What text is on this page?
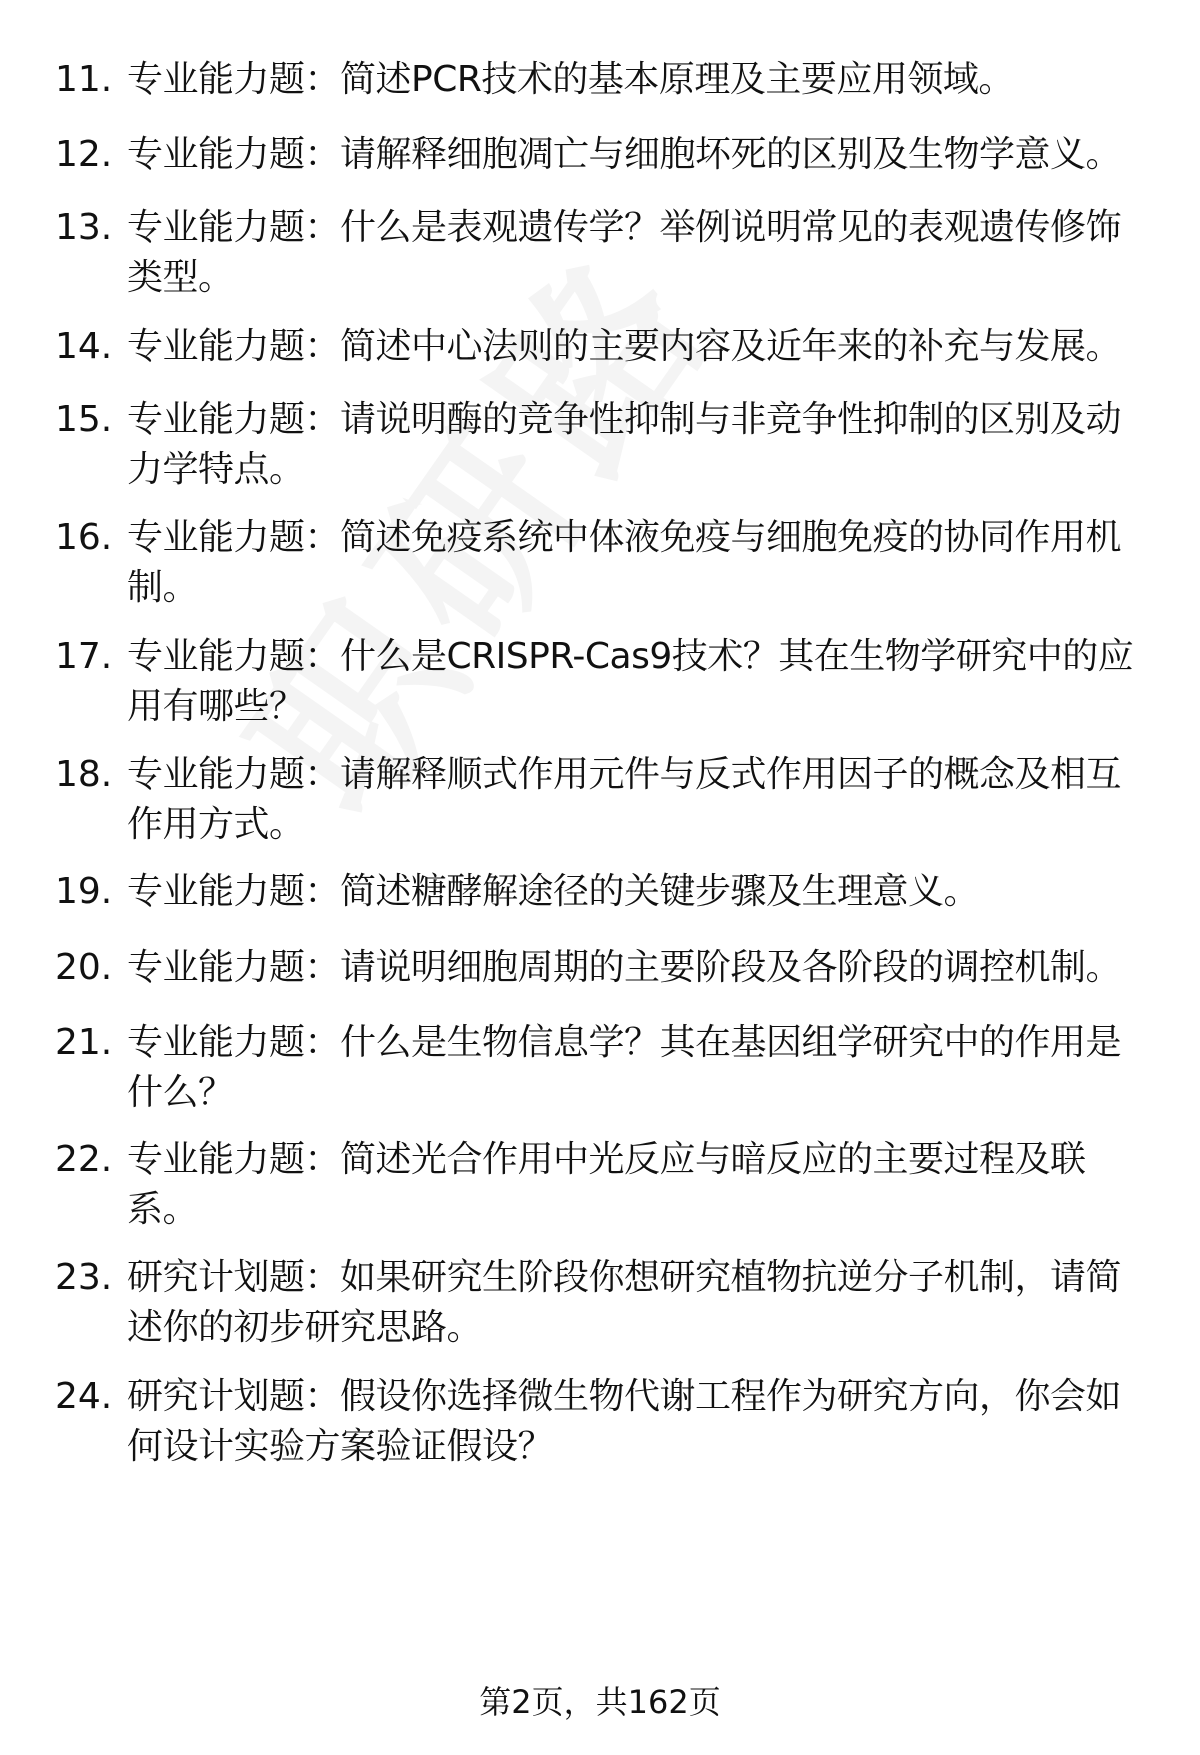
11. 专业能力题：简述PCR技术的基本原理及主要应用领域。
12. 专业能力题：请解释细胞凋亡与细胞坏死的区别及生物学意义。
13. 专业能力题：什么是表观遗传学？举例说明常见的表观遗传修饰类型。
14. 专业能力题：简述中心法则的主要内容及近年来的补充与发展。
15. 专业能力题：请说明酶的竞争性抑制与非竞争性抑制的区别及动力学特点。
16. 专业能力题：简述免疫系统中体液免疫与细胞免疫的协同作用机制。
17. 专业能力题：什么是CRISPR-Cas9技术？其在生物学研究中的应用有哪些？
18. 专业能力题：请解释顺式作用元件与反式作用因子的概念及相互作用方式。
19. 专业能力题：简述糖酵解途径的关键步骤及生理意义。
20. 专业能力题：请说明细胞周期的主要阶段及各阶段的调控机制。
21. 专业能力题：什么是生物信息学？其在基因组学研究中的作用是什么？
22. 专业能力题：简述光合作用中光反应与暗反应的主要过程及联系。
23. 研究计划题：如果研究生阶段你想研究植物抗逆分子机制，请简述你的初步研究思路。
24. 研究计划题：假设你选择微生物代谢工程作为研究方向，你会如何设计实验方案验证假设？
第2页，共162页
